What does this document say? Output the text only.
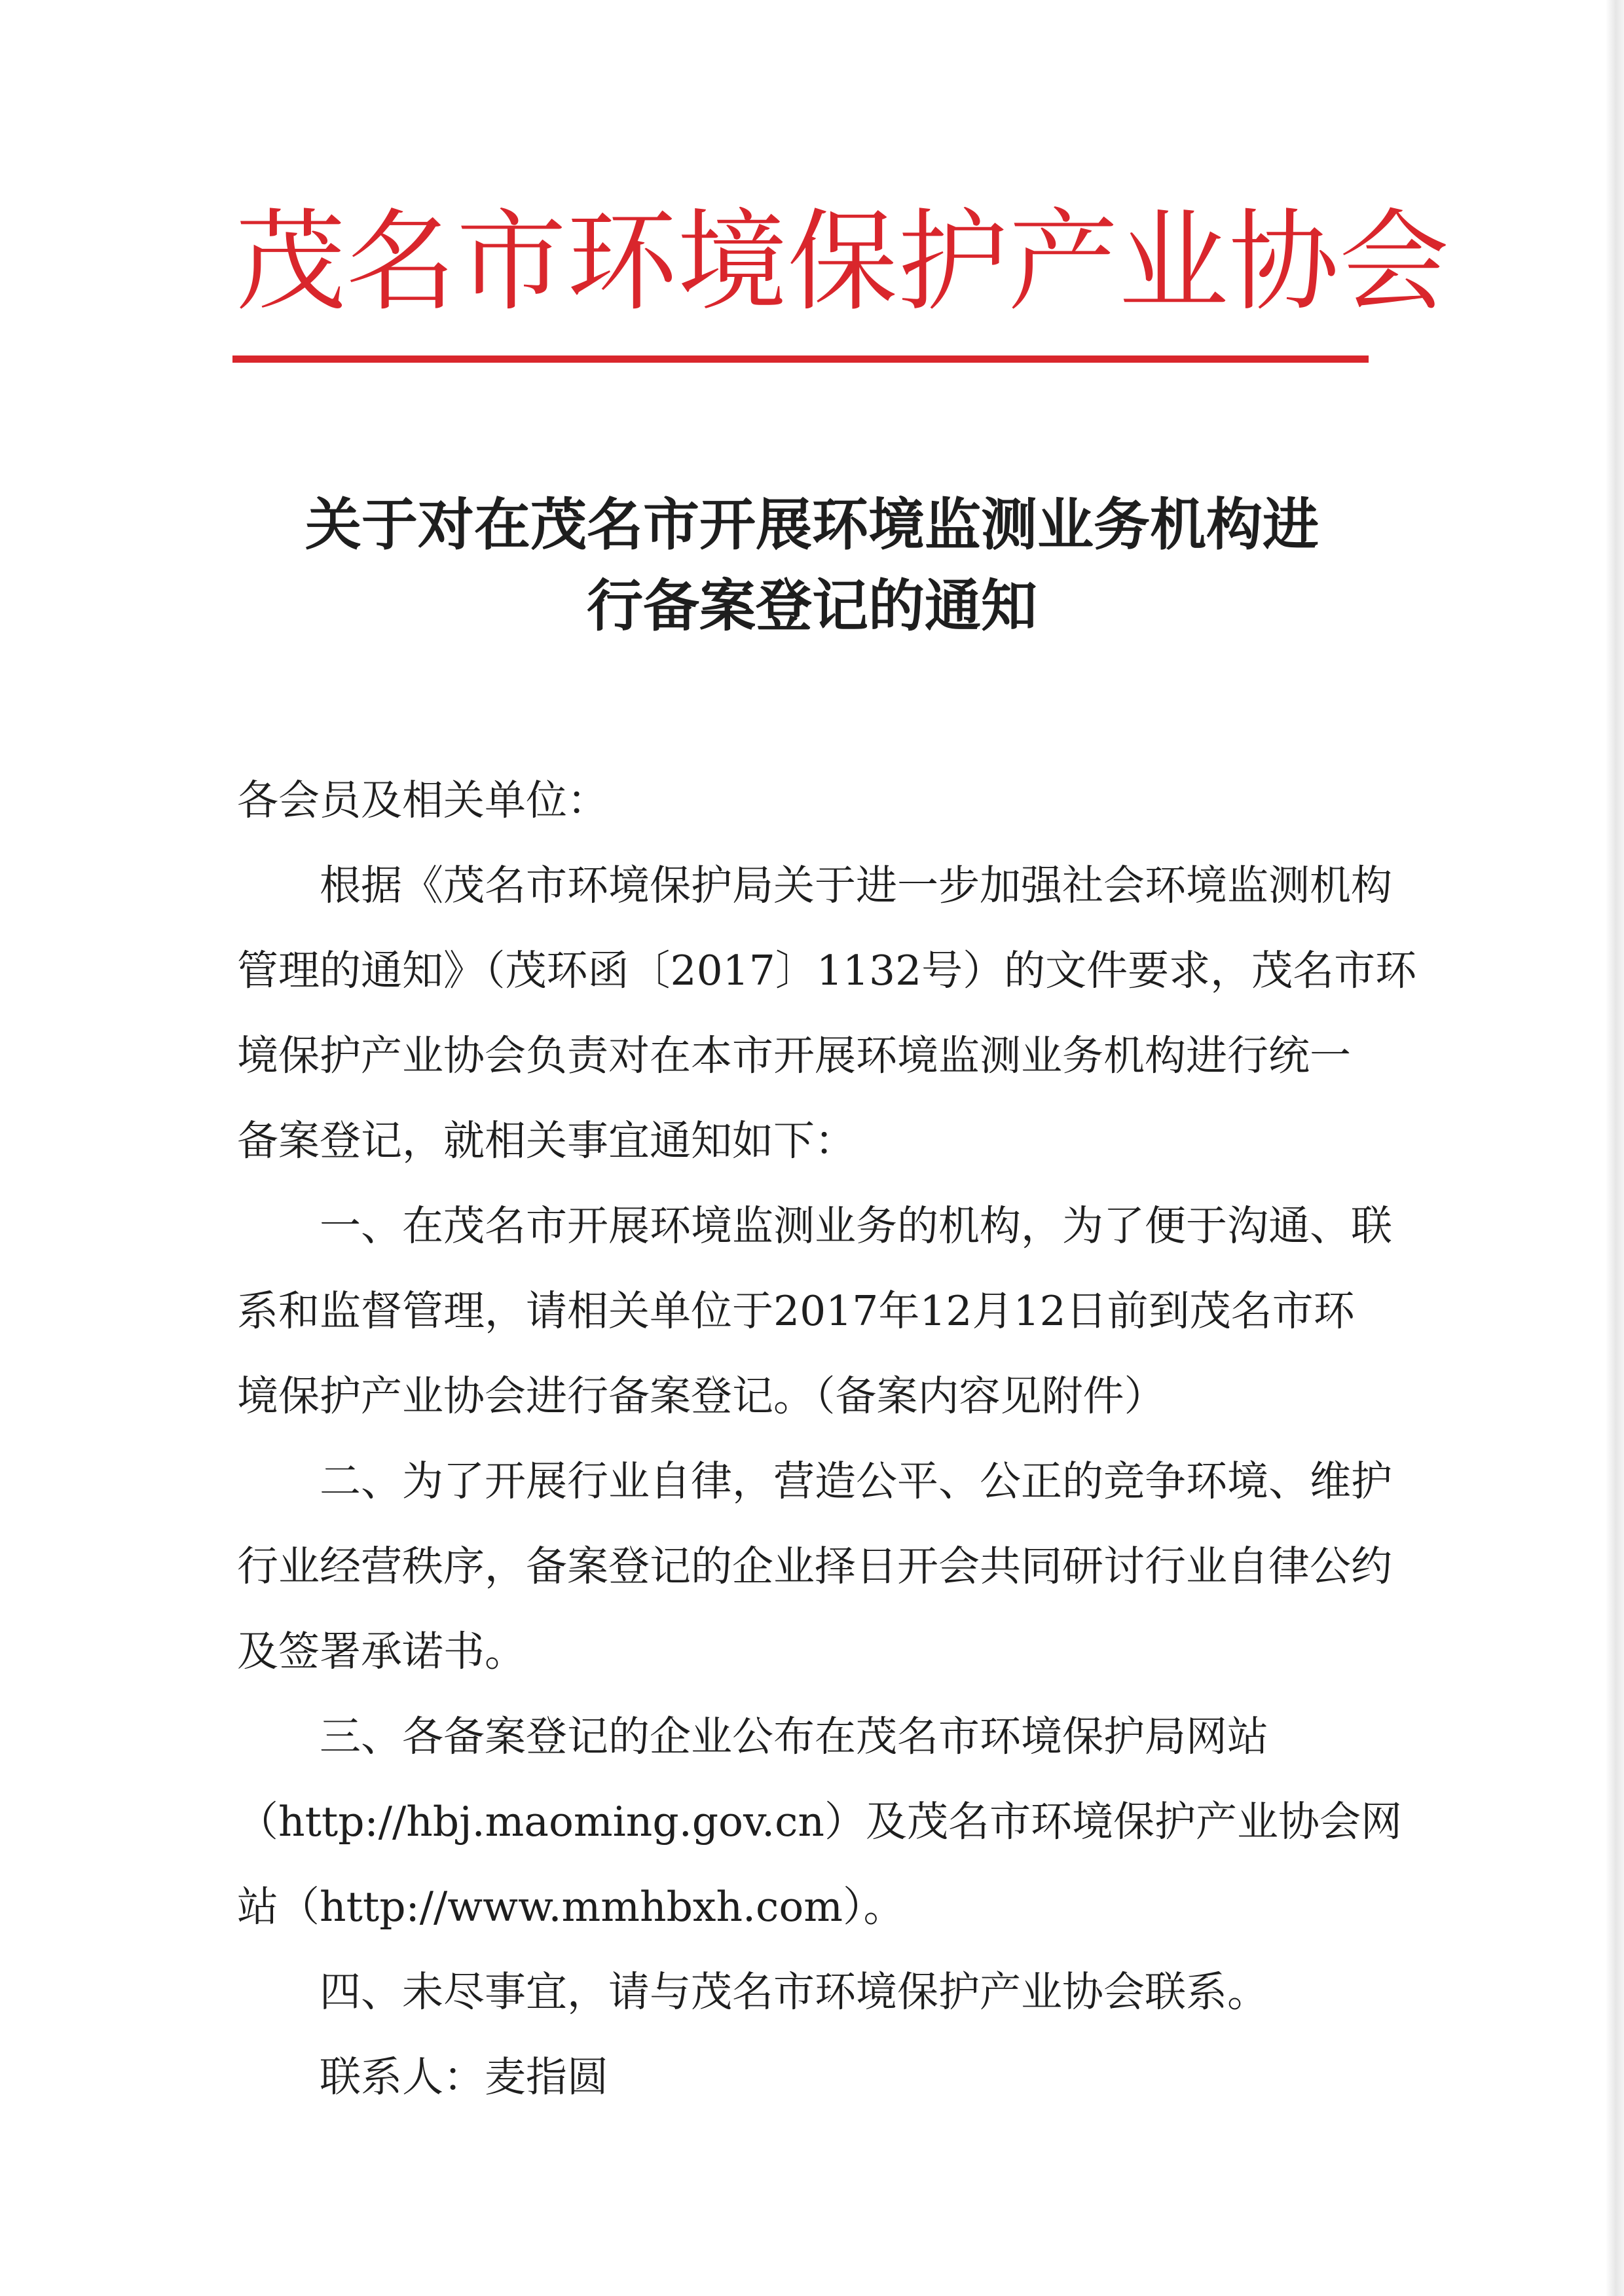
茂名市环境保护产业协会
关于对在茂名市开展环境监测业务机构进
行备案登记的通知

各会员及相关单位：

根据《茂名市环境保护局关于进一步加强社会环境监测机构
管理的通知》（茂环函〔2017〕1132号）的文件要求，茂名市环
境保护产业协会负责对在本市开展环境监测业务机构进行统一
备案登记，就相关事宜通知如下：

一、在茂名市开展环境监测业务的机构，为了便于沟通、联
系和监督管理，请相关单位于2017年12月12日前到茂名市环
境保护产业协会进行备案登记。（备案内容见附件）

二、为了开展行业自律，营造公平、公正的竞争环境、维护
行业经营秩序，备案登记的企业择日开会共同研讨行业自律公约
及签署承诺书。

三、各备案登记的企业公布在茂名市环境保护局网站
（http://hbj.maoming.gov.cn）及茂名市环境保护产业协会网
站（http://www.mmhbxh.com）。

四、未尽事宜，请与茂名市环境保护产业协会联系。

联系人：麦指圆
